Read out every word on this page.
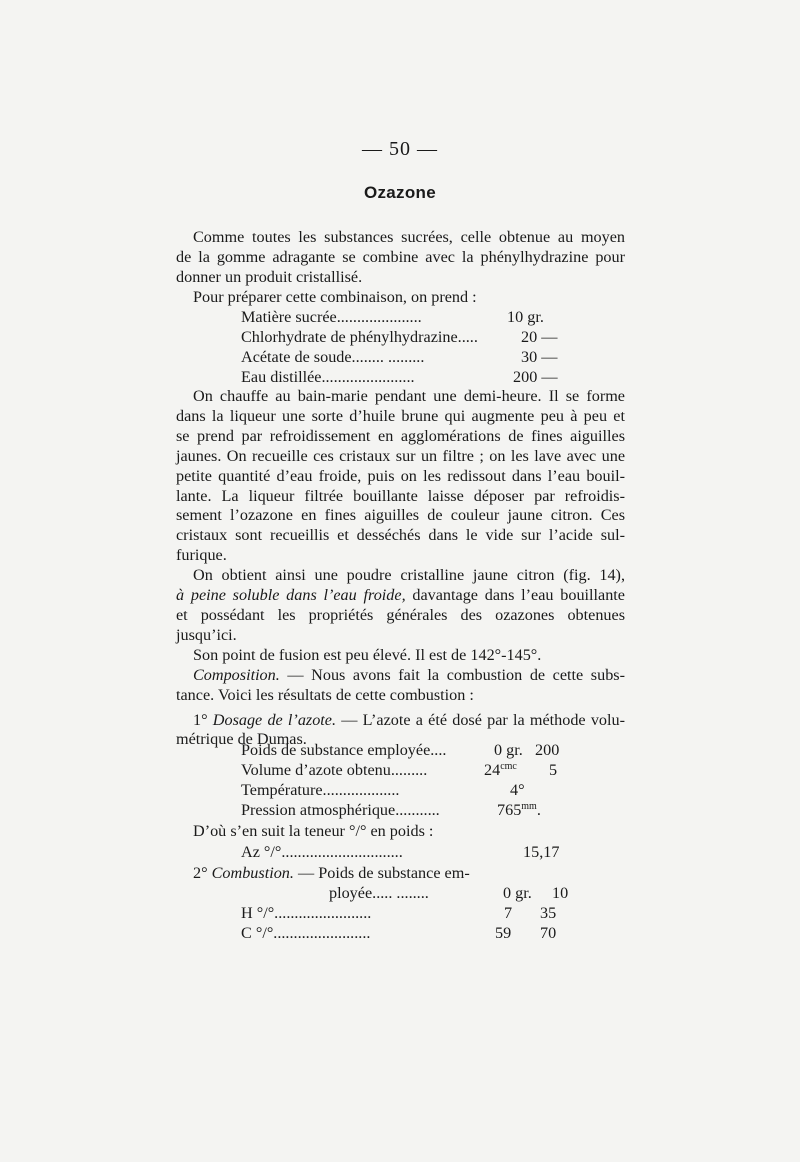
— 50 —
Ozazone
Comme toutes les substances sucrées, celle obtenue au moyen
de la gomme adragante se combine avec la phénylhydrazine pour
donner un produit cristallisé.
Pour préparer cette combinaison, on prend :
Matière sucrée.....................	10 gr.
Chlorhydrate de phénylhydrazine.....	20 —
Acétate de soude........ .........	30 —
Eau distillée.......................	200 —
On chauffe au bain-marie pendant une demi-heure. Il se forme
dans la liqueur une sorte d’huile brune qui augmente peu à peu et
se prend par refroidissement en agglomérations de fines aiguilles
jaunes. On recueille ces cristaux sur un filtre ; on les lave avec une
petite quantité d’eau froide, puis on les redissout dans l’eau bouil-
lante. La liqueur filtrée bouillante laisse déposer par refroidis-
sement l’ozazone en fines aiguilles de couleur jaune citron. Ces
cristaux sont recueillis et desséchés dans le vide sur l’acide sul-
furique.
On obtient ainsi une poudre cristalline jaune citron (fig. 14),
à peine soluble dans l’eau froide, davantage dans l’eau bouillante
et possédant les propriétés générales des ozazones obtenues
jusqu’ici.
Son point de fusion est peu élevé. Il est de 142°-145°.
Composition. — Nous avons fait la combustion de cette subs-
tance. Voici les résultats de cette combustion :
1° Dosage de l’azote. — L’azote a été dosé par la méthode volu-
métrique de Dumas.
Poids de substance employée....	0 gr. 200
Volume d’azote obtenu.........	$24^{cmc}$ 5
Température...................	4°
Pression atmosphérique...........	$765^{mm}$.
D’où s’en suit la teneur °/° en poids :
Az °/°..............................	15,17
2° Combustion. — Poids de substance em-
ployée..... ........	0 gr. 10
H °/°........................	7 35
C °/°........................	59 70
